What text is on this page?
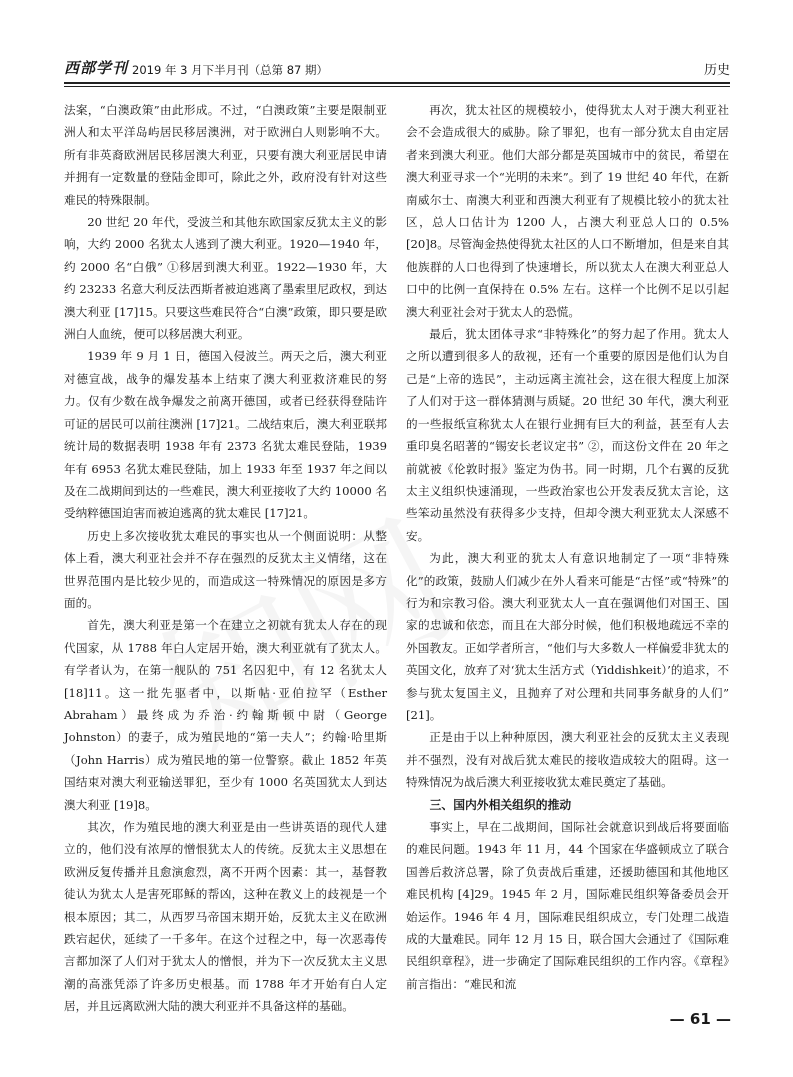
西部学刊 2019 年 3 月下半月刊（总第 87 期）	历史

法案，“白澳政策”由此形成。不过，“白澳政策”主要是限制亚洲人和太平洋岛屿居民移居澳洲，对于欧洲白人则影响不大。所有非英裔欧洲居民移居澳大利亚，只要有澳大利亚居民申请并拥有一定数量的登陆金即可，除此之外，政府没有针对这些难民的特殊限制。

20 世纪 20 年代，受波兰和其他东欧国家反犹太主义的影响，大约 2000 名犹太人逃到了澳大利亚。1920—1940 年，约 2000 名“白俄” ①移居到澳大利亚。1922—1930 年，大约 23233 名意大利反法西斯者被迫逃离了墨索里尼政权，到达澳大利亚 [17]15。只要这些难民符合“白澳”政策，即只要是欧洲白人血统，便可以移居澳大利亚。

1939 年 9 月 1 日，德国入侵波兰。两天之后，澳大利亚对德宣战，战争的爆发基本上结束了澳大利亚救济难民的努力。仅有少数在战争爆发之前离开德国，或者已经获得登陆许可证的居民可以前往澳洲 [17]21。二战结束后，澳大利亚联邦统计局的数据表明 1938 年有 2373 名犹太难民登陆，1939 年有 6953 名犹太难民登陆，加上 1933 年至 1937 年之间以及在二战期间到达的一些难民，澳大利亚接收了大约 10000 名受纳粹德国迫害而被迫逃离的犹太难民 [17]21。

历史上多次接收犹太难民的事实也从一个侧面说明：从整体上看，澳大利亚社会并不存在强烈的反犹太主义情绪，这在世界范围内是比较少见的，而造成这一特殊情况的原因是多方面的。

首先，澳大利亚是第一个在建立之初就有犹太人存在的现代国家，从 1788 年白人定居开始，澳大利亚就有了犹太人。有学者认为，在第一舰队的 751 名囚犯中，有 12 名犹太人 [18]11。这一批先驱者中，以斯帖·亚伯拉罕（Esther Abraham）最终成为乔治·约翰斯顿中尉（George Johnston）的妻子，成为殖民地的“第一夫人”；约翰·哈里斯（John Harris）成为殖民地的第一位警察。截止 1852 年英国结束对澳大利亚输送罪犯，至少有 1000 名英国犹太人到达澳大利亚 [19]8。

其次，作为殖民地的澳大利亚是由一些讲英语的现代人建立的，他们没有浓厚的憎恨犹太人的传统。反犹太主义思想在欧洲反复传播并且愈演愈烈，离不开两个因素：其一，基督教徒认为犹太人是害死耶稣的帮凶，这种在教义上的歧视是一个根本原因；其二，从西罗马帝国末期开始，反犹太主义在欧洲跌宕起伏，延续了一千多年。在这个过程之中，每一次恶毒传言都加深了人们对于犹太人的憎恨，并为下一次反犹太主义思潮的高涨凭添了许多历史根基。而 1788 年才开始有白人定居，并且远离欧洲大陆的澳大利亚并不具备这样的基础。

再次，犹太社区的规模较小，使得犹太人对于澳大利亚社会不会造成很大的威胁。除了罪犯，也有一部分犹太自由定居者来到澳大利亚。他们大部分都是英国城市中的贫民，希望在澳大利亚寻求一个“光明的未来”。到了 19 世纪 40 年代，在新南威尔士、南澳大利亚和西澳大利亚有了规模比较小的犹太社区，总人口估计为 1200 人，占澳大利亚总人口的 0.5% [20]8。尽管淘金热使得犹太社区的人口不断增加，但是来自其他族群的人口也得到了快速增长，所以犹太人在澳大利亚总人口中的比例一直保持在 0.5% 左右。这样一个比例不足以引起澳大利亚社会对于犹太人的恐慌。

最后，犹太团体寻求“非特殊化”的努力起了作用。犹太人之所以遭到很多人的敌视，还有一个重要的原因是他们认为自己是“上帝的选民”，主动远离主流社会，这在很大程度上加深了人们对于这一群体猜测与质疑。20 世纪 30 年代，澳大利亚的一些报纸宣称犹太人在银行业拥有巨大的利益，甚至有人去重印臭名昭著的“锡安长老议定书” ②，而这份文件在 20 年之前就被《伦敦时报》鉴定为伪书。同一时期，几个右翼的反犹太主义组织快速涌现，一些政治家也公开发表反犹太言论，这些笨动虽然没有获得多少支持，但却令澳大利亚犹太人深感不安。

为此，澳大利亚的犹太人有意识地制定了一项“非特殊化”的政策，鼓励人们减少在外人看来可能是“古怪”或“特殊”的行为和宗教习俗。澳大利亚犹太人一直在强调他们对国王、国家的忠诚和依恋，而且在大部分时候，他们积极地疏远不幸的外国教友。正如学者所言，“他们与大多数人一样偏爱非犹太的英国文化，放弃了对‘犹太生活方式（Yiddishkeit）’的追求，不参与犹太复国主义，且抛弃了对公理和共同事务献身的人们” [21]。

正是由于以上种种原因，澳大利亚社会的反犹太主义表现并不强烈，没有对战后犹太难民的接收造成较大的阻碍。这一特殊情况为战后澳大利亚接收犹太难民奠定了基础。

三、国内外相关组织的推动

事实上，早在二战期间，国际社会就意识到战后将要面临的难民问题。1943 年 11 月，44 个国家在华盛顿成立了联合国善后救济总署，除了负责战后重建，还援助德国和其他地区难民机构 [4]29。1945 年 2 月，国际难民组织筹备委员会开始运作。1946 年 4 月，国际难民组织成立，专门处理二战造成的大量难民。同年 12 月 15 日，联合国大会通过了《国际难民组织章程》，进一步确定了国际难民组织的工作内容。《章程》前言指出：“难民和流

— 61 —
